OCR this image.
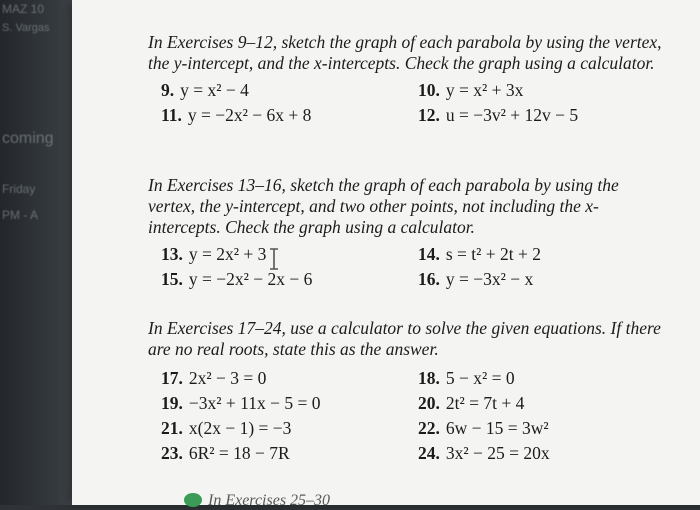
MAZ 10
S. Vargas
coming
Friday
PM - A

In Exercises 9–12, sketch the graph of each parabola by using the vertex, the y-intercept, and the x-intercepts. Check the graph using a calculator.

9. y = x² − 4	10. y = x² + 3x
11. y = −2x² − 6x + 8	12. u = −3v² + 12v − 5

In Exercises 13–16, sketch the graph of each parabola by using the vertex, the y-intercept, and two other points, not including the x-intercepts. Check the graph using a calculator.

13. y = 2x² + 3	14. s = t² + 2t + 2
15. y = −2x² − 2x − 6	16. y = −3x² − x

In Exercises 17–24, use a calculator to solve the given equations. If there are no real roots, state this as the answer.

17. 2x² − 3 = 0	18. 5 − x² = 0
19. −3x² + 11x − 5 = 0	20. 2t² = 7t + 4
21. x(2x − 1) = −3	22. 6w − 15 = 3w²
23. 6R² = 18 − 7R	24. 3x² − 25 = 20x
In Exercises 25–30
